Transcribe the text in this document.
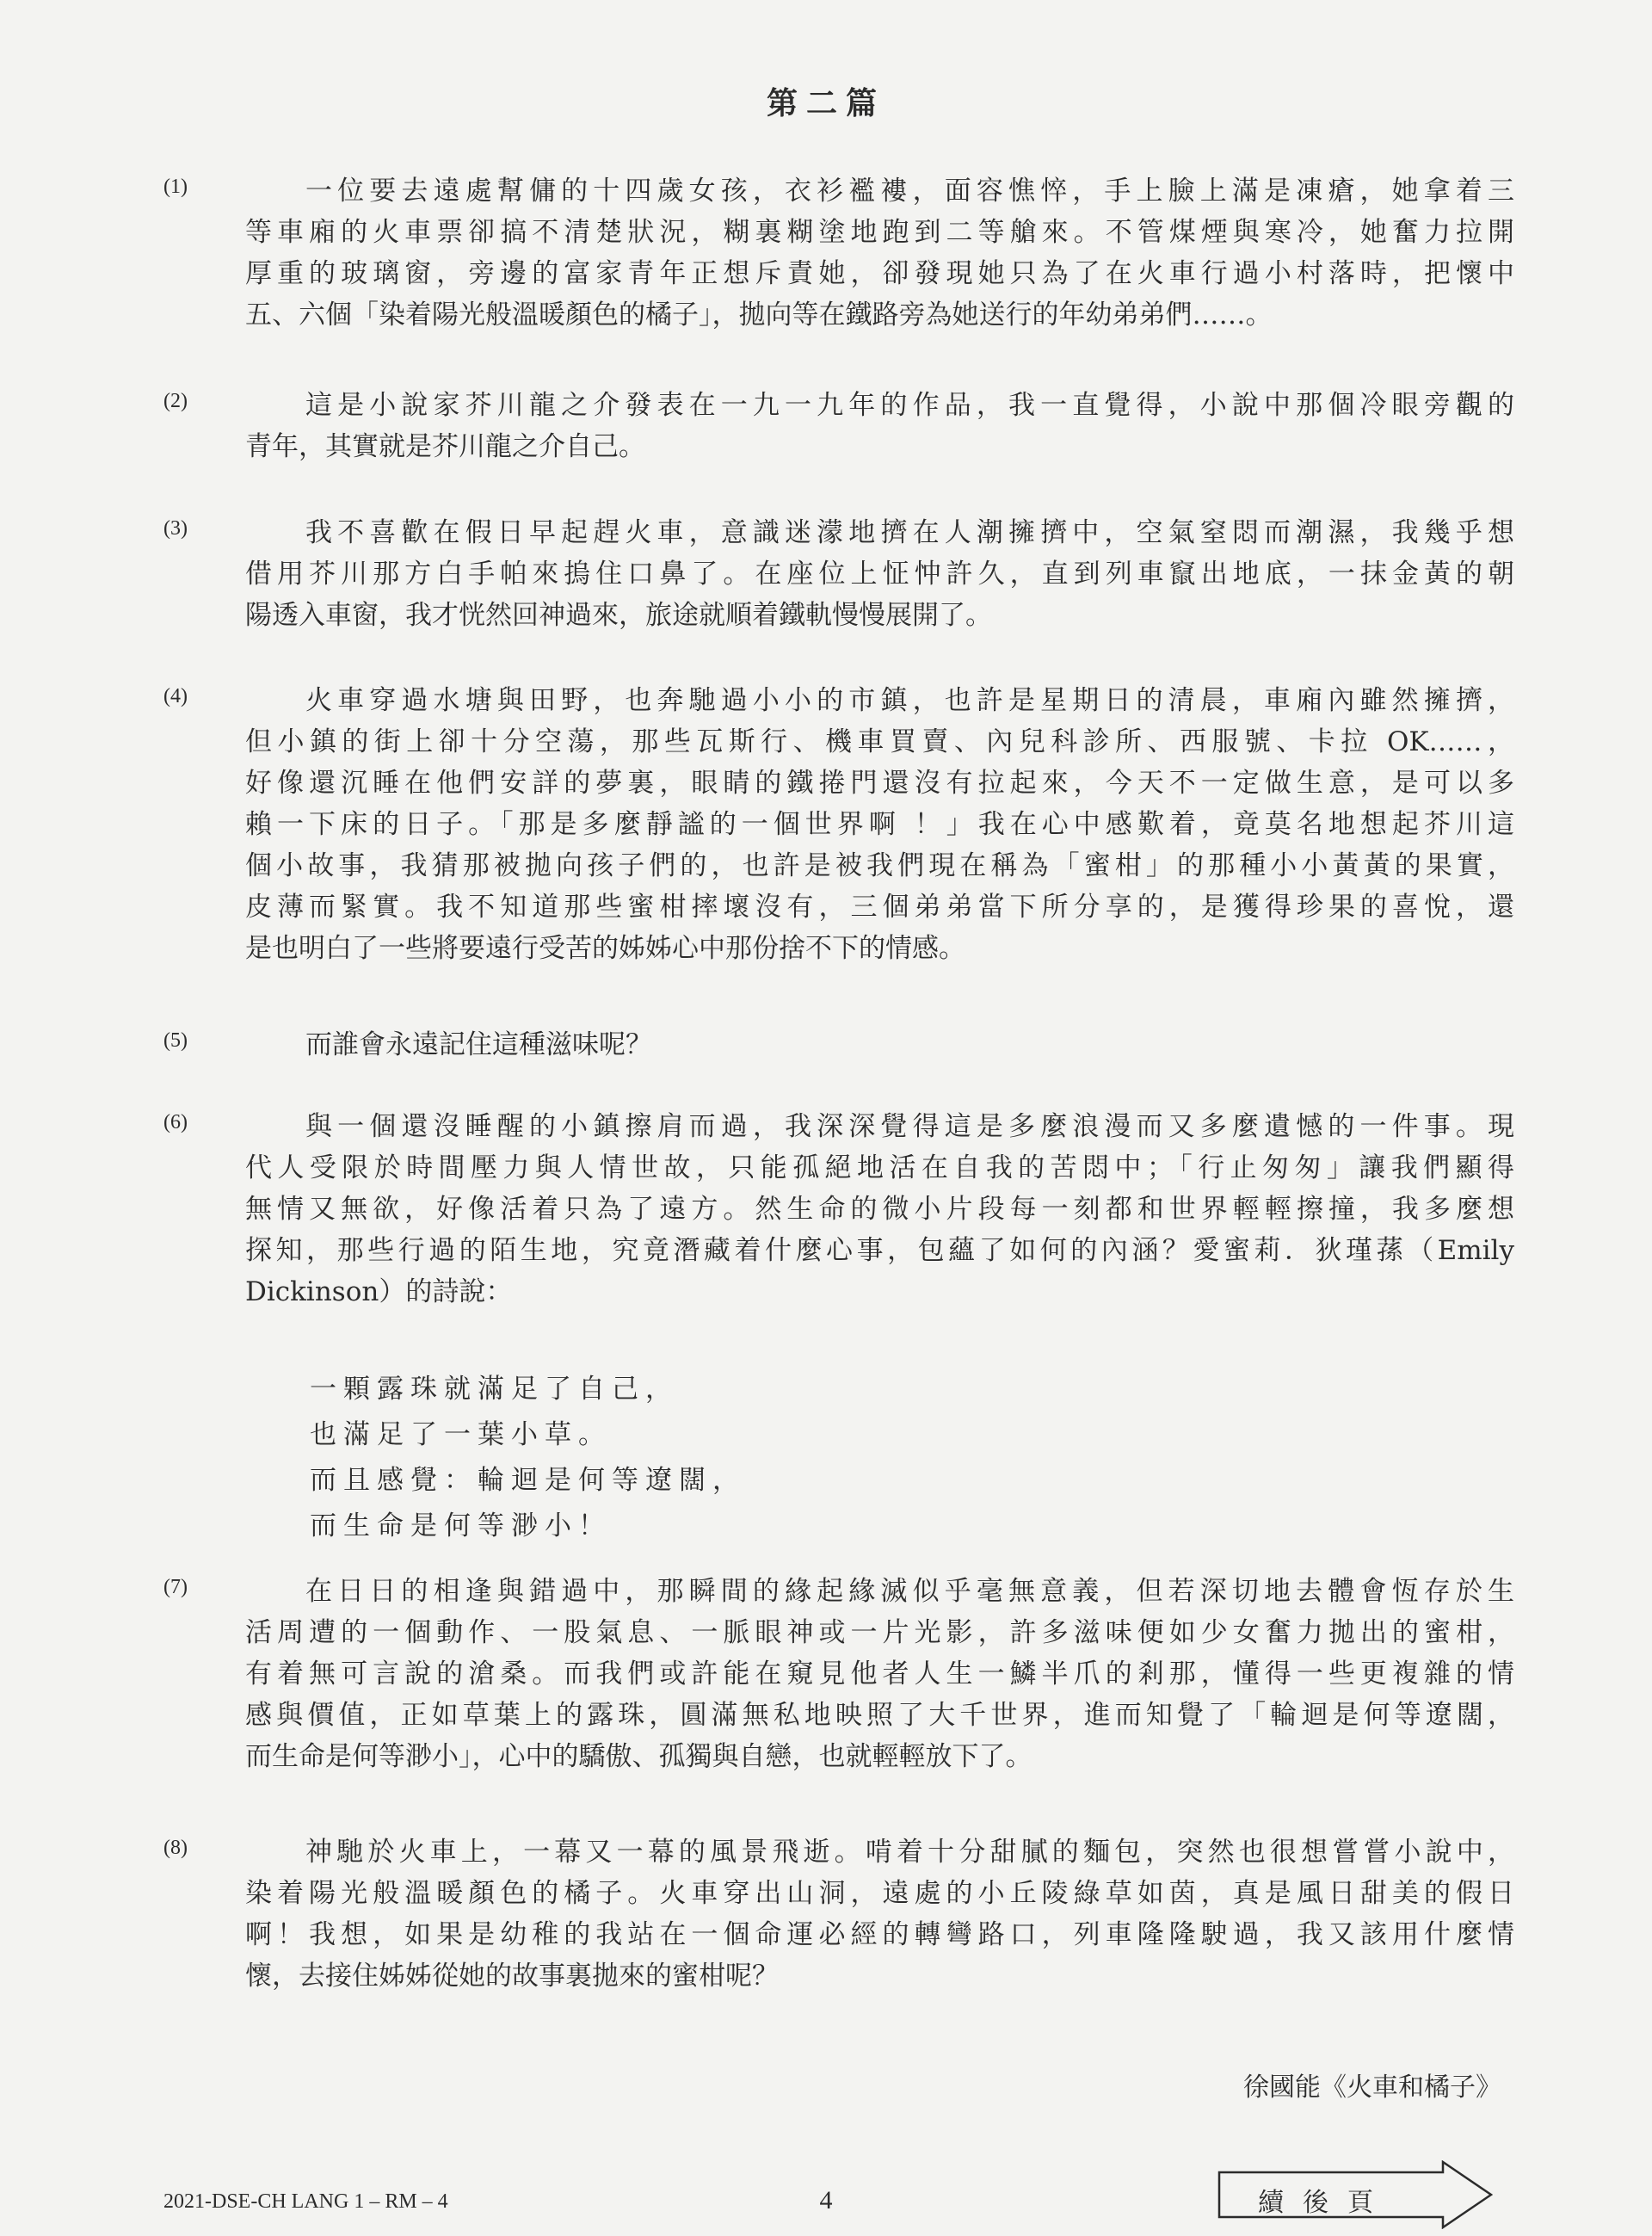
第二篇
(1)	一位要去遠處幫傭的十四歲女孩，衣衫襤褸，面容憔悴，手上臉上滿是凍瘡，她拿着三
等車廂的火車票卻搞不清楚狀況，糊裏糊塗地跑到二等艙來。不管煤煙與寒冷，她奮力拉開
厚重的玻璃窗，旁邊的富家青年正想斥責她，卻發現她只為了在火車行過小村落時，把懷中
五、六個「染着陽光般溫暖顏色的橘子」，拋向等在鐵路旁為她送行的年幼弟弟們……。
(2)	這是小說家芥川龍之介發表在一九一九年的作品，我一直覺得，小說中那個冷眼旁觀的
青年，其實就是芥川龍之介自己。
(3)	我不喜歡在假日早起趕火車，意識迷濛地擠在人潮擁擠中，空氣窒悶而潮濕，我幾乎想
借用芥川那方白手帕來摀住口鼻了。在座位上怔忡許久，直到列車竄出地底，一抹金黃的朝
陽透入車窗，我才恍然回神過來，旅途就順着鐵軌慢慢展開了。
(4)	火車穿過水塘與田野，也奔馳過小小的市鎮，也許是星期日的清晨，車廂內雖然擁擠，
但小鎮的街上卻十分空蕩，那些瓦斯行、機車買賣、內兒科診所、西服號、卡拉 OK……，
好像還沉睡在他們安詳的夢裏，眼睛的鐵捲門還沒有拉起來，今天不一定做生意，是可以多
賴一下床的日子。「那是多麼靜謐的一個世界啊 ！」我在心中感歎着，竟莫名地想起芥川這
個小故事，我猜那被拋向孩子們的，也許是被我們現在稱為「蜜柑」的那種小小黃黃的果實，
皮薄而緊實。我不知道那些蜜柑摔壞沒有，三個弟弟當下所分享的，是獲得珍果的喜悅，還
是也明白了一些將要遠行受苦的姊姊心中那份捨不下的情感。
(5)	而誰會永遠記住這種滋味呢？
(6)	與一個還沒睡醒的小鎮擦肩而過，我深深覺得這是多麼浪漫而又多麼遺憾的一件事。現
代人受限於時間壓力與人情世故，只能孤絕地活在自我的苦悶中；「行止匆匆」讓我們顯得
無情又無欲，好像活着只為了遠方。然生命的微小片段每一刻都和世界輕輕擦撞，我多麼想
探知，那些行過的陌生地，究竟潛藏着什麼心事，包蘊了如何的內涵？愛蜜莉．狄瑾蓀（Emily
Dickinson）的詩說：
(7)	在日日的相逢與錯過中，那瞬間的緣起緣滅似乎毫無意義，但若深切地去體會恆存於生
活周遭的一個動作、一股氣息、一脈眼神或一片光影，許多滋味便如少女奮力拋出的蜜柑，
有着無可言說的滄桑。而我們或許能在窺見他者人生一鱗半爪的剎那，懂得一些更複雜的情
感與價值，正如草葉上的露珠，圓滿無私地映照了大千世界，進而知覺了「輪迴是何等遼闊，
而生命是何等渺小」，心中的驕傲、孤獨與自戀，也就輕輕放下了。
(8)	神馳於火車上，一幕又一幕的風景飛逝。啃着十分甜膩的麵包，突然也很想嘗嘗小說中，
染着陽光般溫暖顏色的橘子。火車穿出山洞，遠處的小丘陵綠草如茵，真是風日甜美的假日
啊！我想，如果是幼稚的我站在一個命運必經的轉彎路口，列車隆隆駛過，我又該用什麼情
懷，去接住姊姊從她的故事裏拋來的蜜柑呢？
一顆露珠就滿足了自己，
也滿足了一葉小草。
而且感覺：輪迴是何等遼闊，
而生命是何等渺小！
徐國能《火車和橘子》
2021-DSE-CH LANG 1 – RM – 4	4	續後頁
